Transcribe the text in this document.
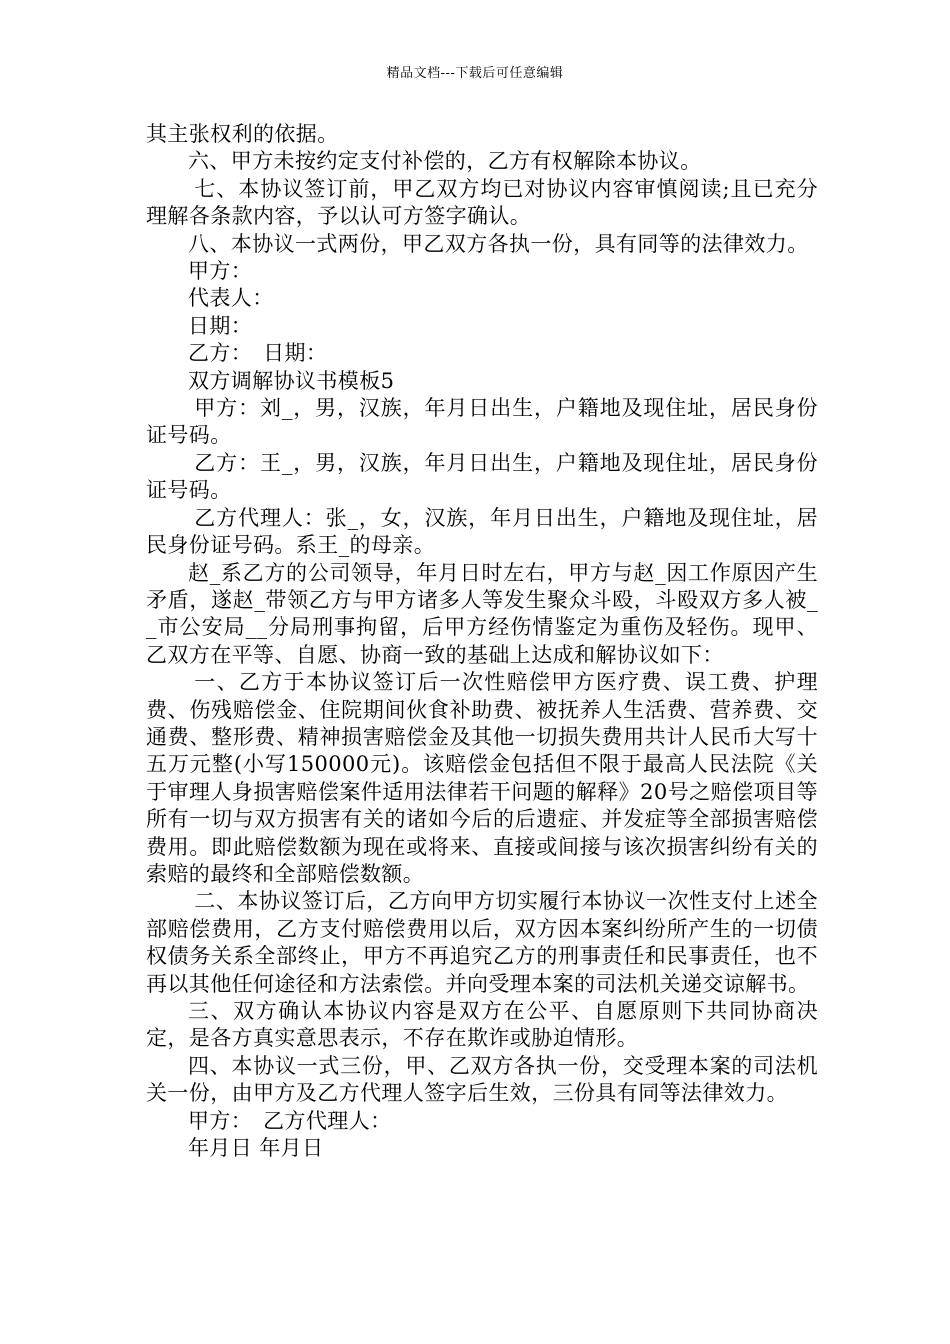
精品文档---下载后可任意编辑

其主张权利的依据。

六、甲方未按约定支付补偿的，乙方有权解除本协议。

七、本协议签订前，甲乙双方均已对协议内容审慎阅读;且已充分理解各条款内容，予以认可方签字确认。

八、本协议一式两份，甲乙双方各执一份，具有同等的法律效力。

甲方：

代表人：

日期：

乙方：　日期：

双方调解协议书模板5

甲方：刘_，男，汉族，年月日出生，户籍地及现住址，居民身份证号码。

乙方：王_，男，汉族，年月日出生，户籍地及现住址，居民身份证号码。

乙方代理人：张_，女，汉族，年月日出生，户籍地及现住址，居民身份证号码。系王_的母亲。

赵_系乙方的公司领导，年月日时左右，甲方与赵_因工作原因产生矛盾，遂赵_带领乙方与甲方诸多人等发生聚众斗殴，斗殴双方多人被__市公安局__分局刑事拘留，后甲方经伤情鉴定为重伤及轻伤。现甲、乙双方在平等、自愿、协商一致的基础上达成和解协议如下：

一、乙方于本协议签订后一次性赔偿甲方医疗费、误工费、护理费、伤残赔偿金、住院期间伙食补助费、被抚养人生活费、营养费、交通费、整形费、精神损害赔偿金及其他一切损失费用共计人民币大写十五万元整(小写150000元)。该赔偿金包括但不限于最高人民法院《关于审理人身损害赔偿案件适用法律若干问题的解释》20号之赔偿项目等所有一切与双方损害有关的诸如今后的后遗症、并发症等全部损害赔偿费用。即此赔偿数额为现在或将来、直接或间接与该次损害纠纷有关的索赔的最终和全部赔偿数额。

二、本协议签订后，乙方向甲方切实履行本协议一次性支付上述全部赔偿费用，乙方支付赔偿费用以后，双方因本案纠纷所产生的一切债权债务关系全部终止，甲方不再追究乙方的刑事责任和民事责任，也不再以其他任何途径和方法索偿。并向受理本案的司法机关递交谅解书。

三、双方确认本协议内容是双方在公平、自愿原则下共同协商决定，是各方真实意思表示，不存在欺诈或胁迫情形。

四、本协议一式三份，甲、乙双方各执一份，交受理本案的司法机关一份，由甲方及乙方代理人签字后生效，三份具有同等法律效力。

甲方：　乙方代理人：

年月日 年月日
